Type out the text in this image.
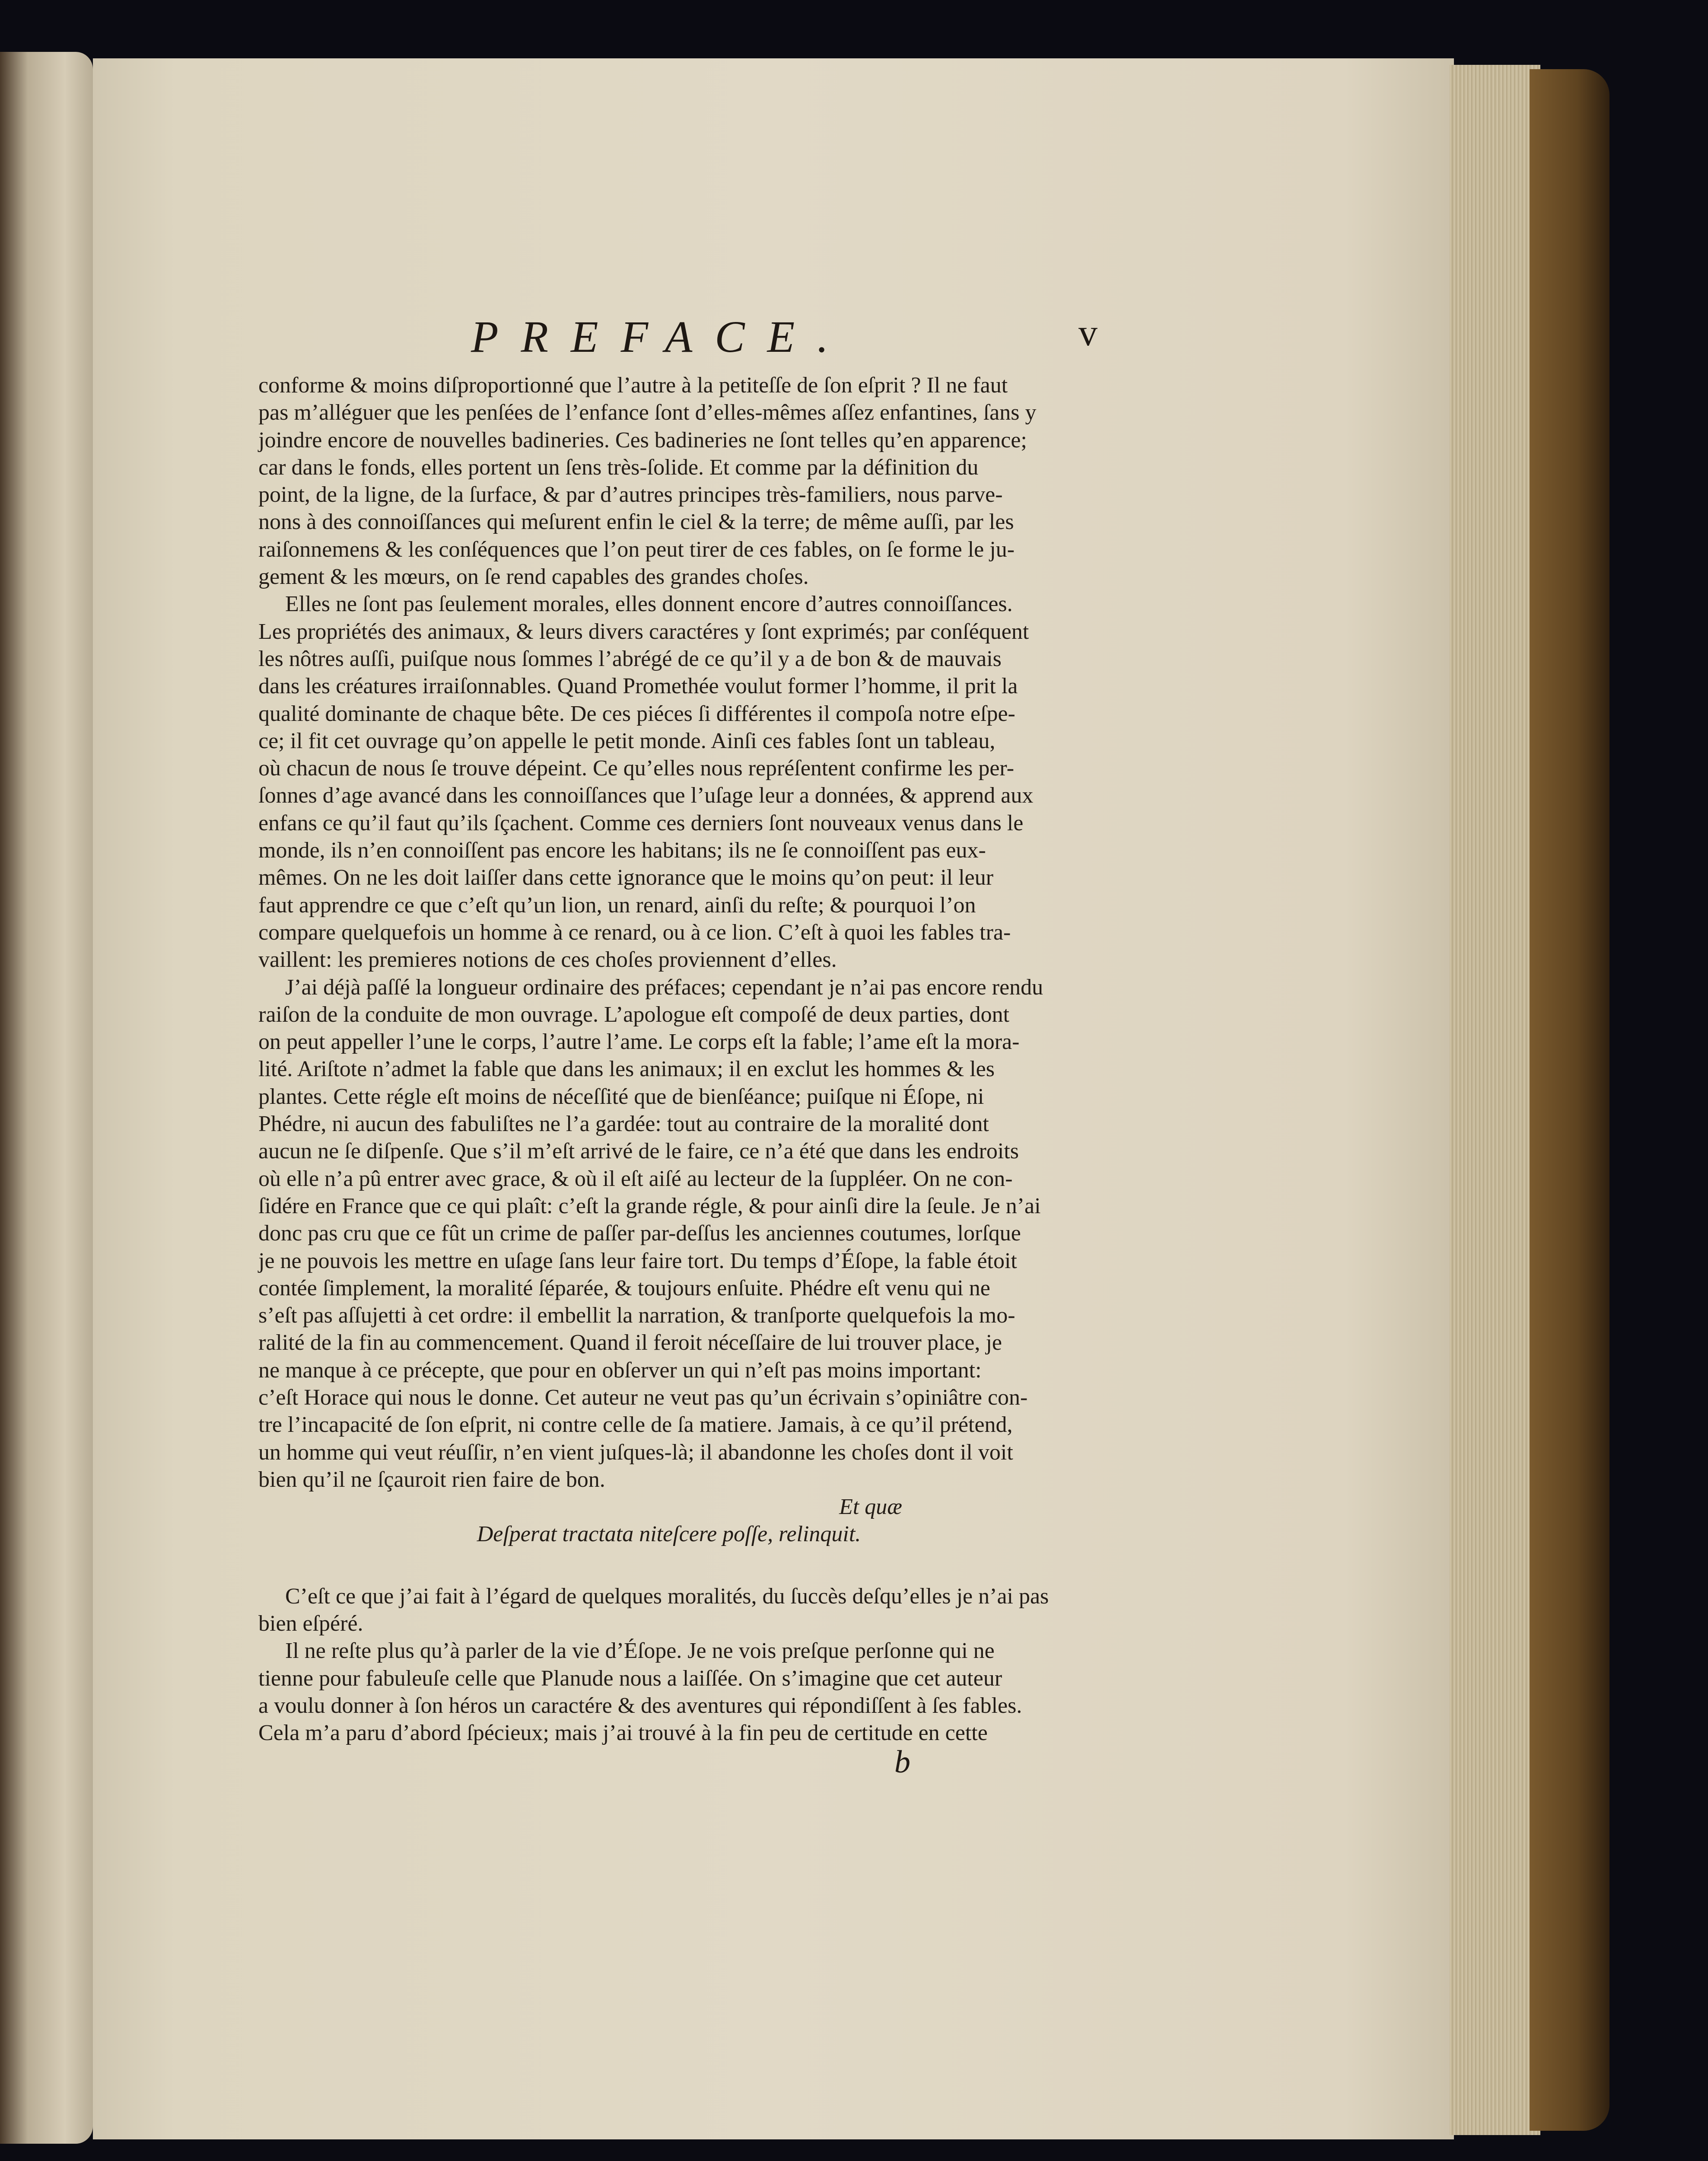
PREFACE.	v
conforme & moins diſproportionné que l’autre à la petiteſſe de ſon eſprit ? Il ne faut
pas m’alléguer que les penſées de l’enfance ſont d’elles-mêmes aſſez enfantines, ſans y
joindre encore de nouvelles badineries. Ces badineries ne ſont telles qu’en apparence;
car dans le fonds, elles portent un ſens très-ſolide. Et comme par la définition du
point, de la ligne, de la ſurface, & par d’autres principes très-familiers, nous parve-
nons à des connoiſſances qui meſurent enfin le ciel & la terre; de même auſſi, par les
raiſonnemens & les conſéquences que l’on peut tirer de ces fables, on ſe forme le ju-
gement & les mœurs, on ſe rend capables des grandes choſes.
Elles ne ſont pas ſeulement morales, elles donnent encore d’autres connoiſſances.
Les propriétés des animaux, & leurs divers caractéres y ſont exprimés; par conſéquent
les nôtres auſſi, puiſque nous ſommes l’abrégé de ce qu’il y a de bon & de mauvais
dans les créatures irraiſonnables. Quand Promethée voulut former l’homme, il prit la
qualité dominante de chaque bête. De ces piéces ſi différentes il compoſa notre eſpe-
ce; il fit cet ouvrage qu’on appelle le petit monde. Ainſi ces fables ſont un tableau,
où chacun de nous ſe trouve dépeint. Ce qu’elles nous repréſentent confirme les per-
ſonnes d’age avancé dans les connoiſſances que l’uſage leur a données, & apprend aux
enfans ce qu’il faut qu’ils ſçachent. Comme ces derniers ſont nouveaux venus dans le
monde, ils n’en connoiſſent pas encore les habitans; ils ne ſe connoiſſent pas eux-
mêmes. On ne les doit laiſſer dans cette ignorance que le moins qu’on peut: il leur
faut apprendre ce que c’eſt qu’un lion, un renard, ainſi du reſte; & pourquoi l’on
compare quelquefois un homme à ce renard, ou à ce lion. C’eſt à quoi les fables tra-
vaillent: les premieres notions de ces choſes proviennent d’elles.
J’ai déjà paſſé la longueur ordinaire des préfaces; cependant je n’ai pas encore rendu
raiſon de la conduite de mon ouvrage. L’apologue eſt compoſé de deux parties, dont
on peut appeller l’une le corps, l’autre l’ame. Le corps eſt la fable; l’ame eſt la mora-
lité. Ariſtote n’admet la fable que dans les animaux; il en exclut les hommes & les
plantes. Cette régle eſt moins de néceſſité que de bienſéance; puiſque ni Éſope, ni
Phédre, ni aucun des fabuliſtes ne l’a gardée: tout au contraire de la moralité dont
aucun ne ſe diſpenſe. Que s’il m’eſt arrivé de le faire, ce n’a été que dans les endroits
où elle n’a pû entrer avec grace, & où il eſt aiſé au lecteur de la ſuppléer. On ne con-
ſidére en France que ce qui plaît: c’eſt la grande régle, & pour ainſi dire la ſeule. Je n’ai
donc pas cru que ce fût un crime de paſſer par-deſſus les anciennes coutumes, lorſque
je ne pouvois les mettre en uſage ſans leur faire tort. Du temps d’Éſope, la fable étoit
contée ſimplement, la moralité ſéparée, & toujours enſuite. Phédre eſt venu qui ne
s’eſt pas aſſujetti à cet ordre: il embellit la narration, & tranſporte quelquefois la mo-
ralité de la fin au commencement. Quand il feroit néceſſaire de lui trouver place, je
ne manque à ce précepte, que pour en obſerver un qui n’eſt pas moins important:
c’eſt Horace qui nous le donne. Cet auteur ne veut pas qu’un écrivain s’opiniâtre con-
tre l’incapacité de ſon eſprit, ni contre celle de ſa matiere. Jamais, à ce qu’il prétend,
un homme qui veut réuſſir, n’en vient juſques-là; il abandonne les choſes dont il voit
bien qu’il ne ſçauroit rien faire de bon.
Et quæ
Deſperat tractata niteſcere poſſe, relinquit.
C’eſt ce que j’ai fait à l’égard de quelques moralités, du ſuccès deſqu’elles je n’ai pas
bien eſpéré.
Il ne reſte plus qu’à parler de la vie d’Éſope. Je ne vois preſque perſonne qui ne
tienne pour fabuleuſe celle que Planude nous a laiſſée. On s’imagine que cet auteur
a voulu donner à ſon héros un caractére & des aventures qui répondiſſent à ſes fables.
Cela m’a paru d’abord ſpécieux; mais j’ai trouvé à la fin peu de certitude en cette
b
